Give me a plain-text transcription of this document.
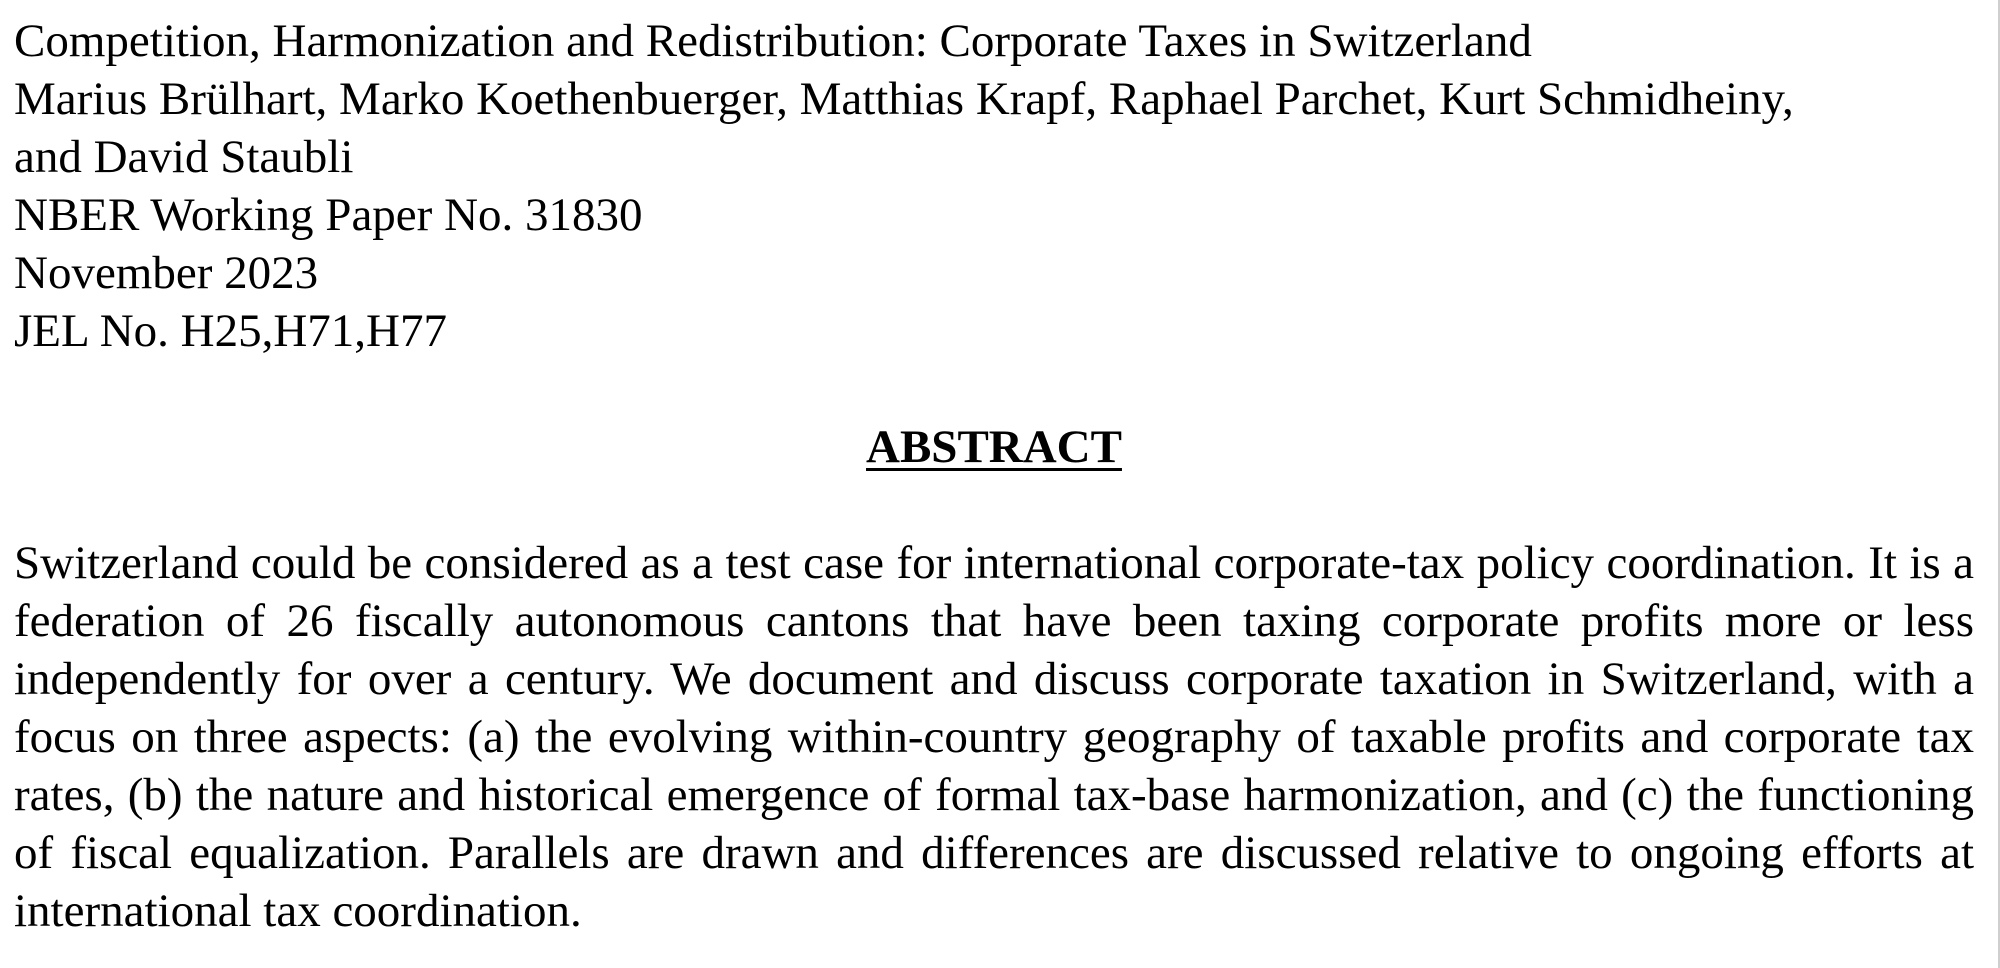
Competition, Harmonization and Redistribution: Corporate Taxes in Switzerland
Marius Brülhart, Marko Koethenbuerger, Matthias Krapf, Raphael Parchet, Kurt Schmidheiny,
and David Staubli
NBER Working Paper No. 31830
November 2023
JEL No. H25,H71,H77
ABSTRACT

Switzerland could be considered as a test case for international corporate-tax policy coordination. It is a federation of 26 fiscally autonomous cantons that have been taxing corporate profits more or less independently for over a century. We document and discuss corporate taxation in Switzerland, with a focus on three aspects: (a) the evolving within-country geography of taxable profits and corporate tax rates, (b) the nature and historical emergence of formal tax-base harmonization, and (c) the functioning of fiscal equalization. Parallels are drawn and differences are discussed relative to ongoing efforts at international tax coordination.
